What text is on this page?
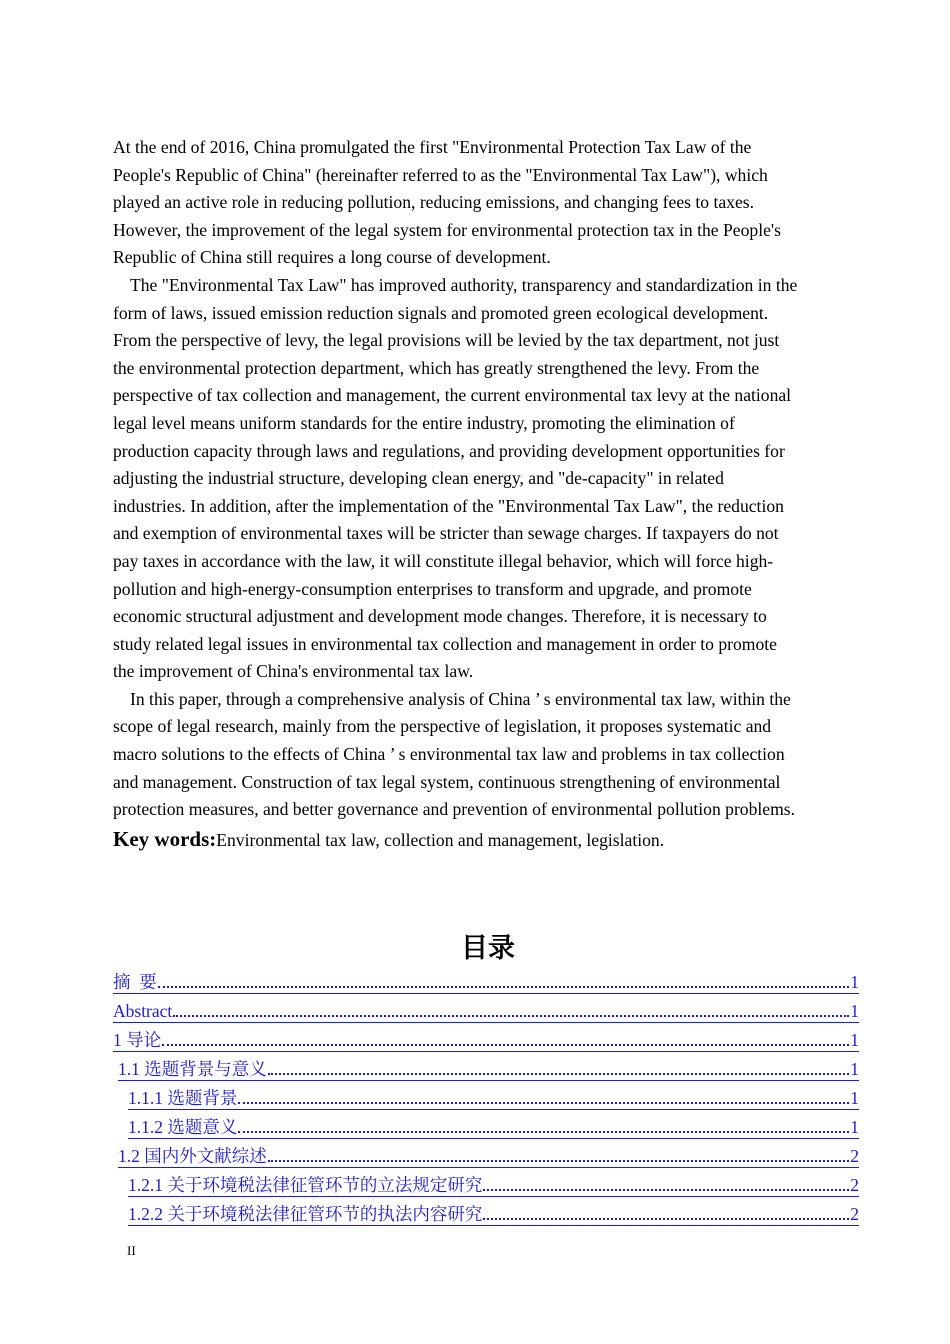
At the end of 2016, China promulgated the first "Environmental Protection Tax Law of the
People's Republic of China" (hereinafter referred to as the "Environmental Tax Law"), which
played an active role in reducing pollution, reducing emissions, and changing fees to taxes.
However, the improvement of the legal system for environmental protection tax in the People's
Republic of China still requires a long course of development.
The "Environmental Tax Law" has improved authority, transparency and standardization in the
form of laws, issued emission reduction signals and promoted green ecological development.
From the perspective of levy, the legal provisions will be levied by the tax department, not just
the environmental protection department, which has greatly strengthened the levy. From the
perspective of tax collection and management, the current environmental tax levy at the national
legal level means uniform standards for the entire industry, promoting the elimination of
production capacity through laws and regulations, and providing development opportunities for
adjusting the industrial structure, developing clean energy, and "de-capacity" in related
industries. In addition, after the implementation of the "Environmental Tax Law", the reduction
and exemption of environmental taxes will be stricter than sewage charges. If taxpayers do not
pay taxes in accordance with the law, it will constitute illegal behavior, which will force high-
pollution and high-energy-consumption enterprises to transform and upgrade, and promote
economic structural adjustment and development mode changes. Therefore, it is necessary to
study related legal issues in environmental tax collection and management in order to promote
the improvement of China's environmental tax law.
In this paper, through a comprehensive analysis of China ’ s environmental tax law, within the
scope of legal research, mainly from the perspective of legislation, it proposes systematic and
macro solutions to the effects of China ’ s environmental tax law and problems in tax collection
and management. Construction of tax legal system, continuous strengthening of environmental
protection measures, and better governance and prevention of environmental pollution problems.
Key words:Environmental tax law, collection and management, legislation.
目录
摘  要	1
Abstract	1
1 导论	1
1.1 选题背景与意义	1
1.1.1 选题背景	1
1.1.2 选题意义	1
1.2 国内外文献综述	2
1.2.1 关于环境税法律征管环节的立法规定研究	2
1.2.2 关于环境税法律征管环节的执法内容研究	2
II
